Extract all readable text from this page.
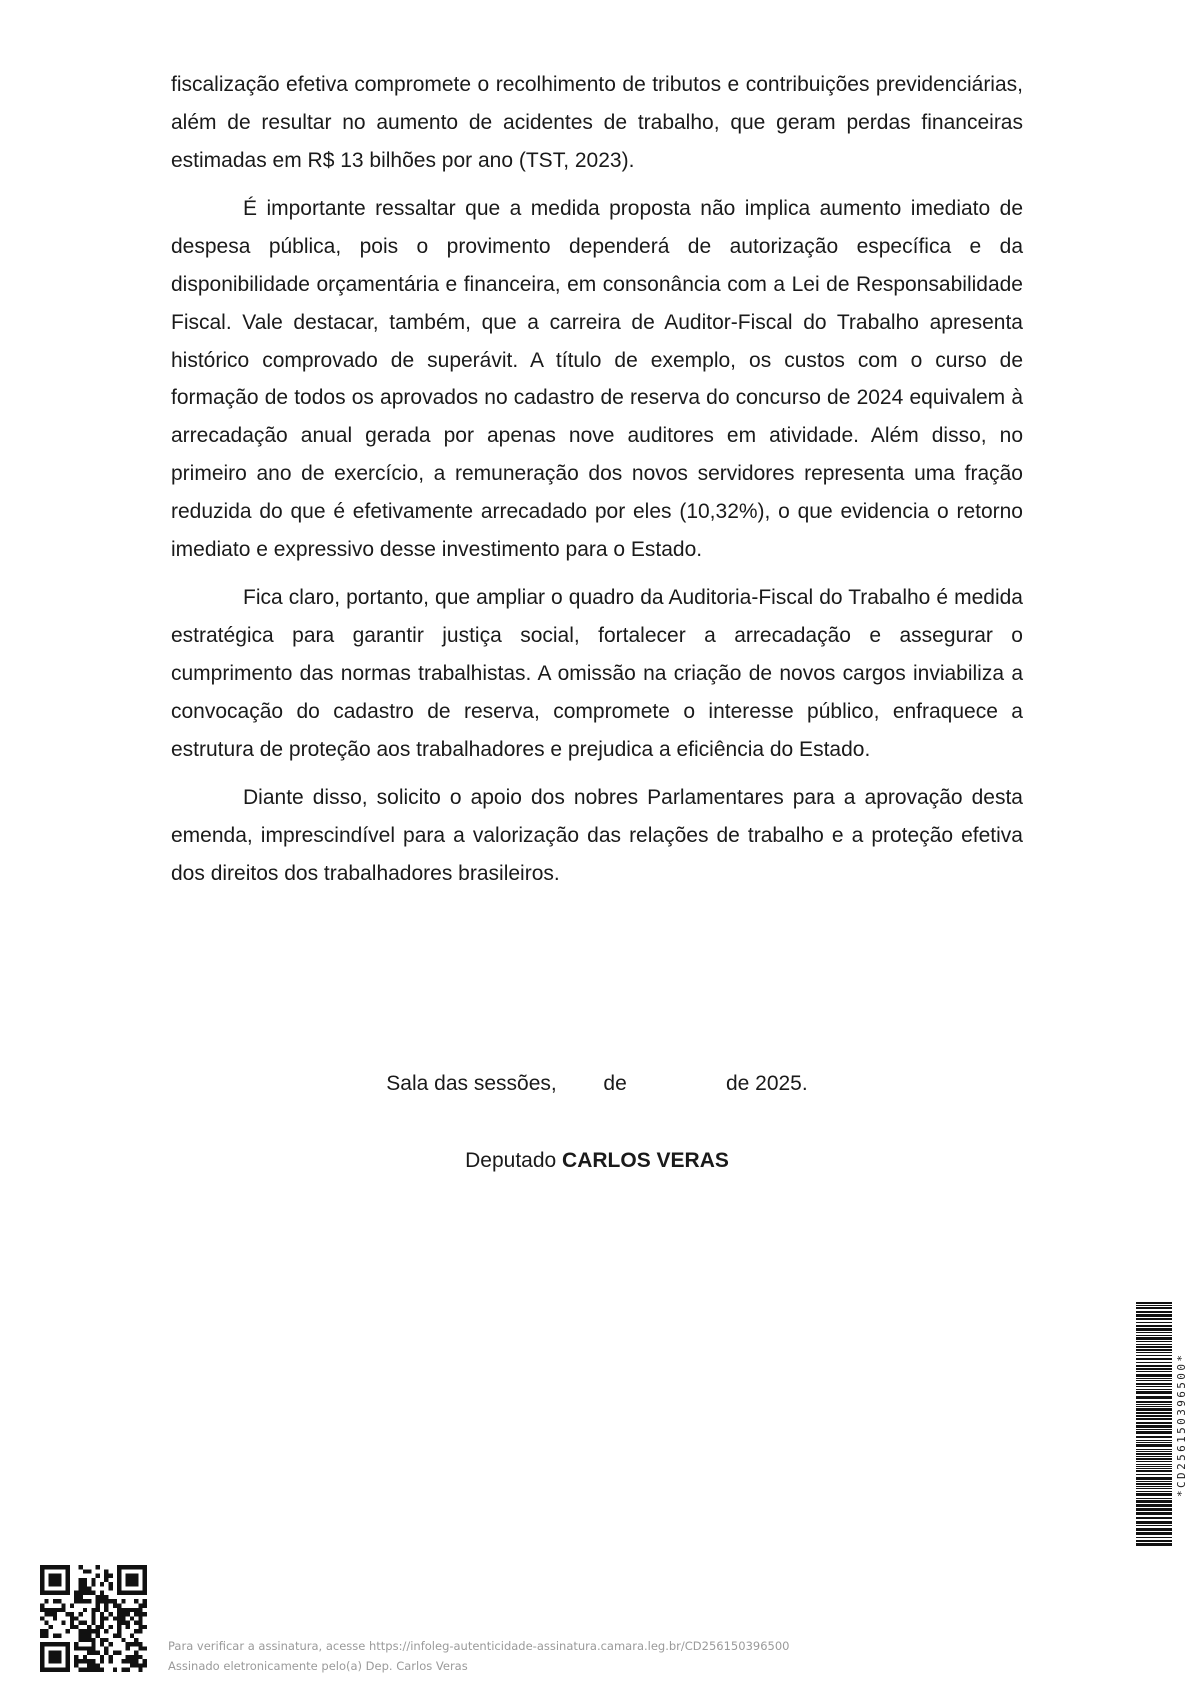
fiscalização efetiva compromete o recolhimento de tributos e contribuições previdenciárias, além de resultar no aumento de acidentes de trabalho, que geram perdas financeiras estimadas em R$ 13 bilhões por ano (TST, 2023).

É importante ressaltar que a medida proposta não implica aumento imediato de despesa pública, pois o provimento dependerá de autorização específica e da disponibilidade orçamentária e financeira, em consonância com a Lei de Responsabilidade Fiscal. Vale destacar, também, que a carreira de Auditor-Fiscal do Trabalho apresenta histórico comprovado de superávit. A título de exemplo, os custos com o curso de formação de todos os aprovados no cadastro de reserva do concurso de 2024 equivalem à arrecadação anual gerada por apenas nove auditores em atividade. Além disso, no primeiro ano de exercício, a remuneração dos novos servidores representa uma fração reduzida do que é efetivamente arrecadado por eles (10,32%), o que evidencia o retorno imediato e expressivo desse investimento para o Estado.

Fica claro, portanto, que ampliar o quadro da Auditoria-Fiscal do Trabalho é medida estratégica para garantir justiça social, fortalecer a arrecadação e assegurar o cumprimento das normas trabalhistas. A omissão na criação de novos cargos inviabiliza a convocação do cadastro de reserva, compromete o interesse público, enfraquece a estrutura de proteção aos trabalhadores e prejudica a eficiência do Estado.

Diante disso, solicito o apoio dos nobres Parlamentares para a aprovação desta emenda, imprescindível para a valorização das relações de trabalho e a proteção efetiva dos direitos dos trabalhadores brasileiros.

Sala das sessões,        de                 de 2025.
Deputado CARLOS VERAS
*CD256150396500*
Para verificar a assinatura, acesse https://infoleg-autenticidade-assinatura.camara.leg.br/CD256150396500
Assinado eletronicamente pelo(a) Dep. Carlos Veras
